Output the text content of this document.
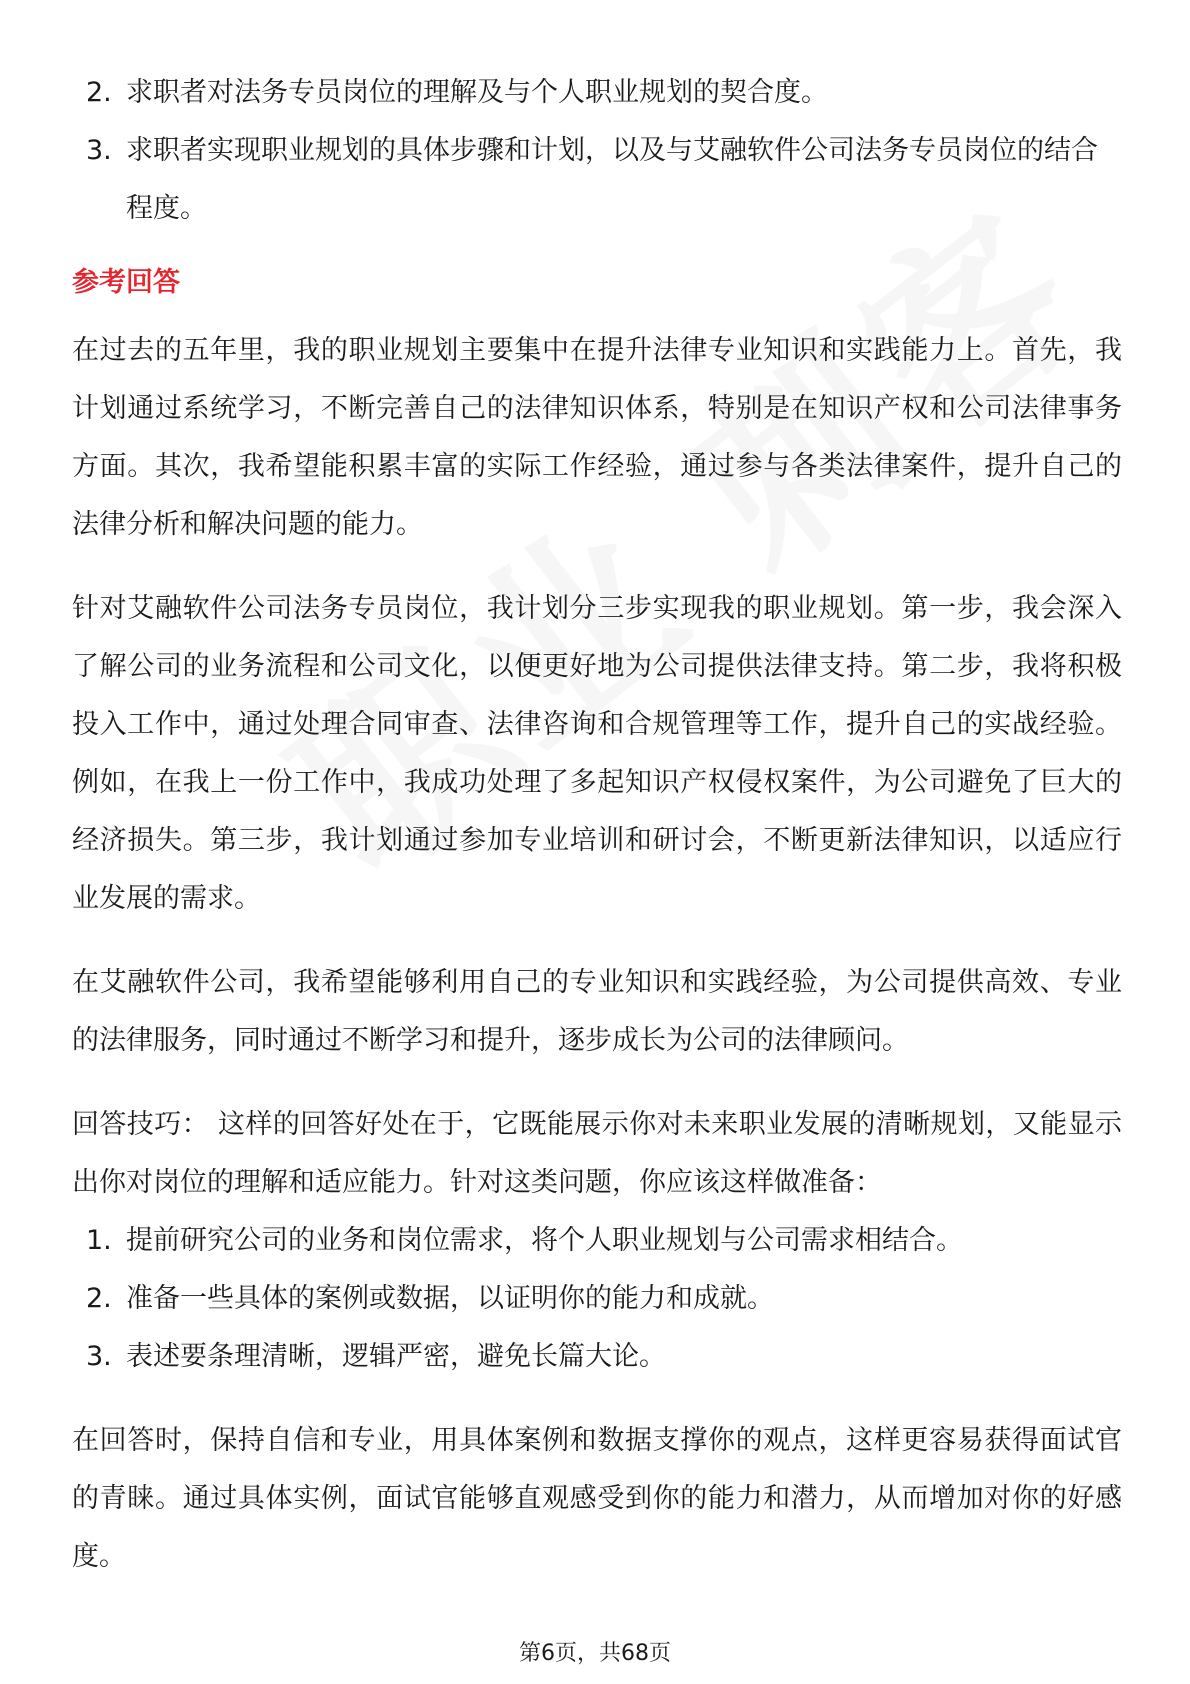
2. 求职者对法务专员岗位的理解及与个人职业规划的契合度。
3. 求职者实现职业规划的具体步骤和计划，以及与艾融软件公司法务专员岗位的结合程度。
参考回答

在过去的五年里，我的职业规划主要集中在提升法律专业知识和实践能力上。首先，我计划通过系统学习，不断完善自己的法律知识体系，特别是在知识产权和公司法律事务方面。其次，我希望能积累丰富的实际工作经验，通过参与各类法律案件，提升自己的法律分析和解决问题的能力。

针对艾融软件公司法务专员岗位，我计划分三步实现我的职业规划。第一步，我会深入了解公司的业务流程和公司文化，以便更好地为公司提供法律支持。第二步，我将积极投入工作中，通过处理合同审查、法律咨询和合规管理等工作，提升自己的实战经验。例如，在我上一份工作中，我成功处理了多起知识产权侵权案件，为公司避免了巨大的经济损失。第三步，我计划通过参加专业培训和研讨会，不断更新法律知识，以适应行业发展的需求。

在艾融软件公司，我希望能够利用自己的专业知识和实践经验，为公司提供高效、专业的法律服务，同时通过不断学习和提升，逐步成长为公司的法律顾问。

回答技巧： 这样的回答好处在于，它既能展示你对未来职业发展的清晰规划，又能显示出你对岗位的理解和适应能力。针对这类问题，你应该这样做准备：

1. 提前研究公司的业务和岗位需求，将个人职业规划与公司需求相结合。
2. 准备一些具体的案例或数据，以证明你的能力和成就。
3. 表述要条理清晰，逻辑严密，避免长篇大论。

在回答时，保持自信和专业，用具体案例和数据支撑你的观点，这样更容易获得面试官的青睐。通过具体实例，面试官能够直观感受到你的能力和潜力，从而增加对你的好感度。

第6页，共68页
